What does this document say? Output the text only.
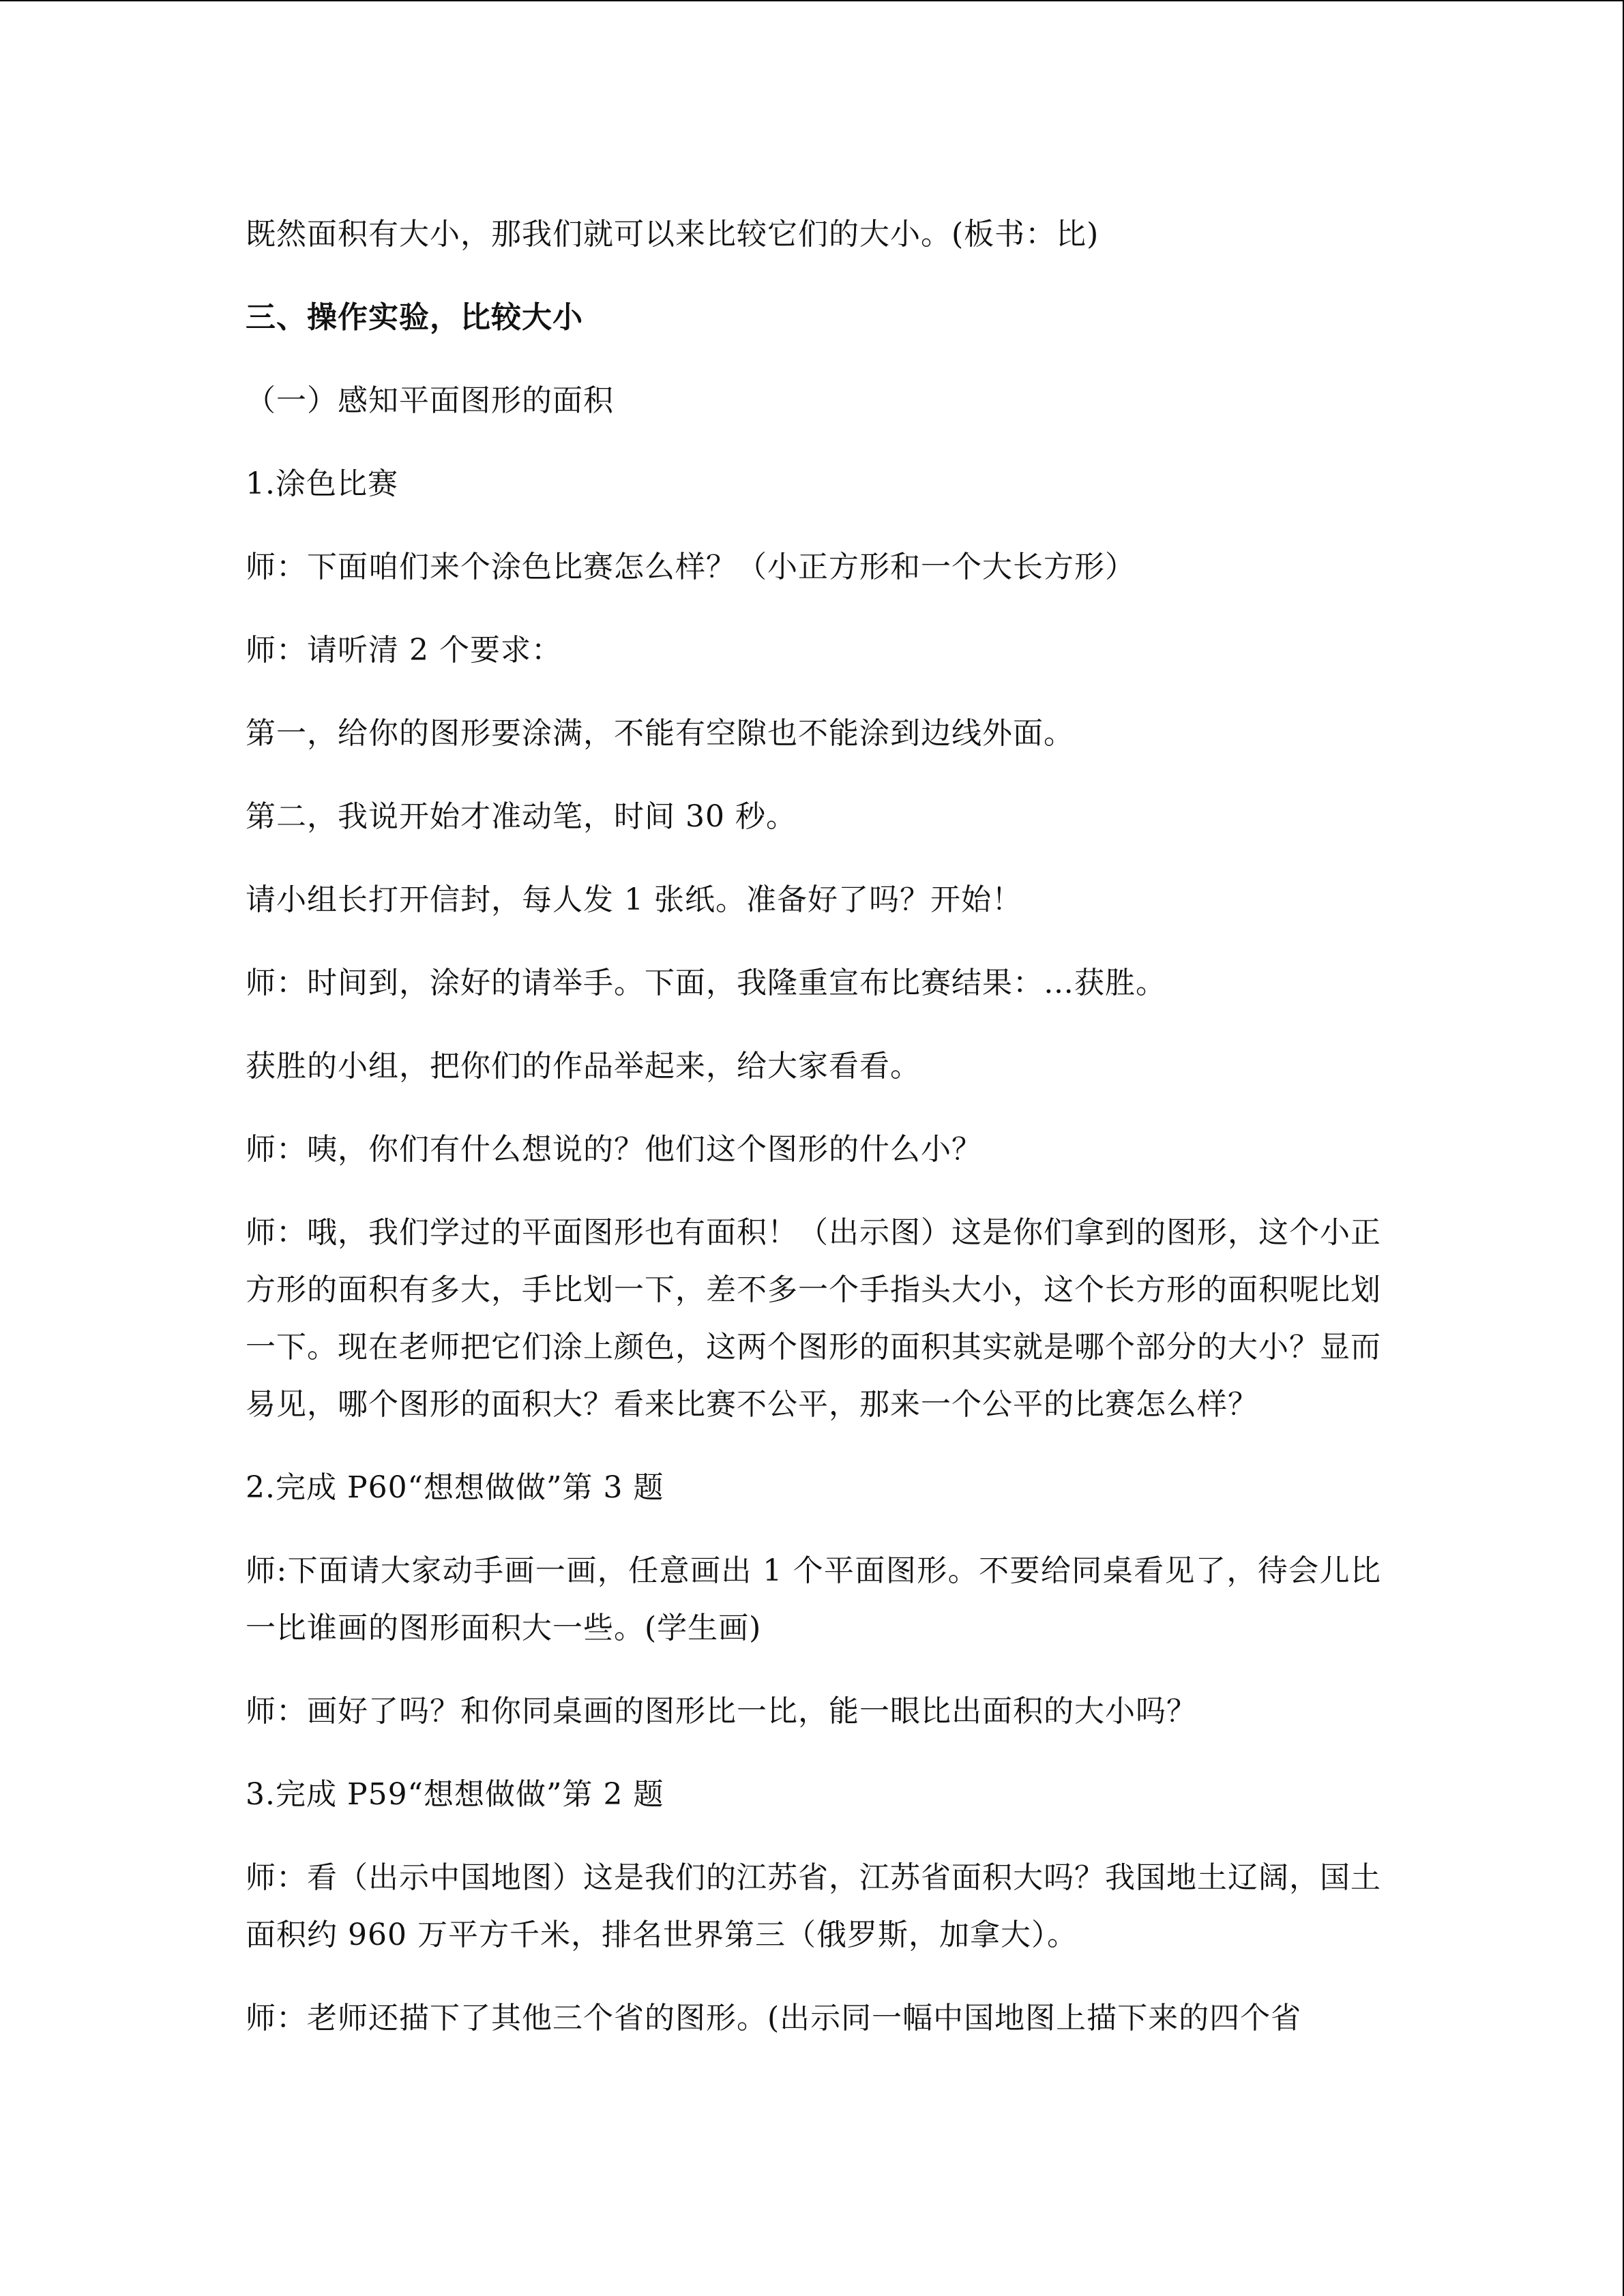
既然面积有大小，那我们就可以来比较它们的大小。(板书：比)

三、操作实验，比较大小

（一）感知平面图形的面积

1.涂色比赛

师：下面咱们来个涂色比赛怎么样？（小正方形和一个大长方形）

师：请听清 2 个要求：

第一，给你的图形要涂满，不能有空隙也不能涂到边线外面。

第二，我说开始才准动笔，时间 30 秒。

请小组长打开信封，每人发 1 张纸。准备好了吗？开始！

师：时间到，涂好的请举手。下面，我隆重宣布比赛结果：…获胜。

获胜的小组，把你们的作品举起来，给大家看看。

师：咦，你们有什么想说的？他们这个图形的什么小？

师：哦，我们学过的平面图形也有面积！（出示图）这是你们拿到的图形，这个小正方形的面积有多大，手比划一下，差不多一个手指头大小，这个长方形的面积呢比划一下。现在老师把它们涂上颜色，这两个图形的面积其实就是哪个部分的大小？显而易见，哪个图形的面积大？看来比赛不公平，那来一个公平的比赛怎么样？

2.完成 P60“想想做做”第 3 题

师:下面请大家动手画一画，任意画出 1 个平面图形。不要给同桌看见了，待会儿比一比谁画的图形面积大一些。(学生画)

师：画好了吗？和你同桌画的图形比一比，能一眼比出面积的大小吗？

3.完成 P59“想想做做”第 2 题

师：看（出示中国地图）这是我们的江苏省，江苏省面积大吗？我国地土辽阔，国土面积约 960 万平方千米，排名世界第三（俄罗斯，加拿大）。

师：老师还描下了其他三个省的图形。(出示同一幅中国地图上描下来的四个省
